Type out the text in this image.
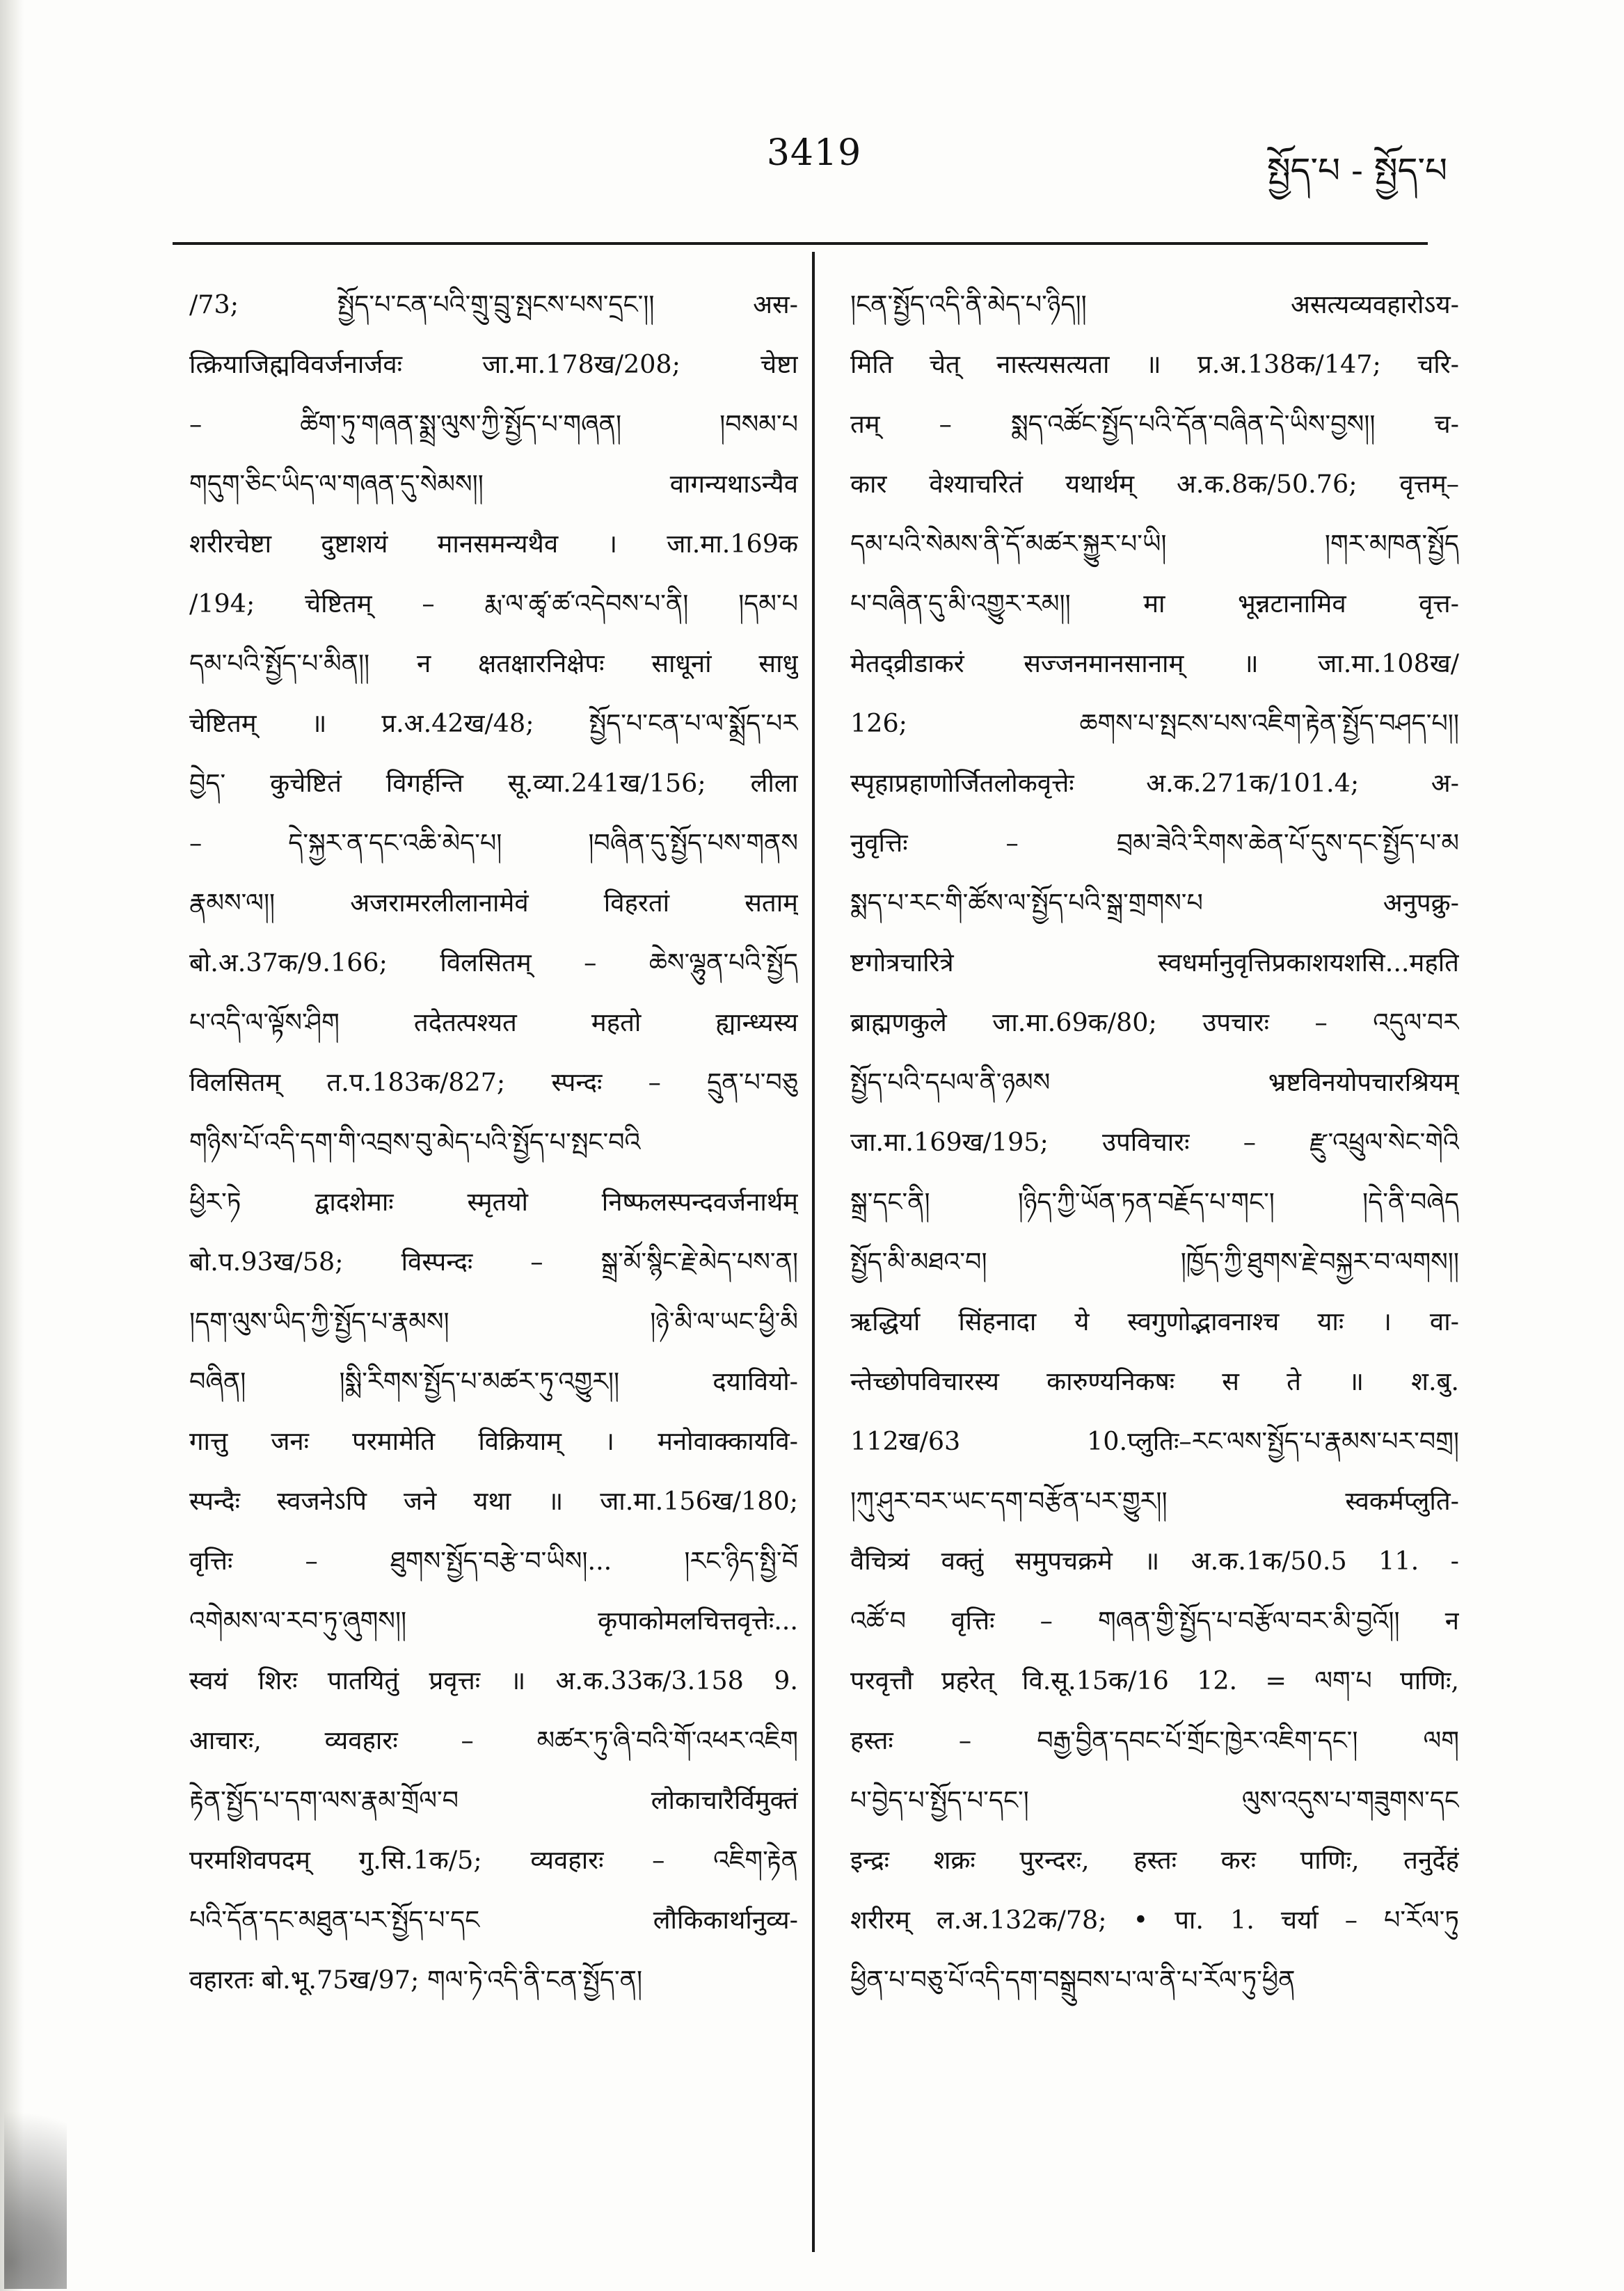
3419	སྤྱོད་པ - སྤྱོད་པ
/73; སྤྱོད་པ་ངན་པའི་གྲུ་བྲུ་སྤངས་པས་དྲང་།། अस-
त्क्रियाजिह्मविवर्जनार्जवः जा.मा.178ख/208; चेष्टा
– ཚིག་ཏུ་གཞན་སྨྲ་ལུས་ཀྱི་སྤྱོད་པ་གཞན། །བསམ་པ
གདུག་ཅིང་ཡིད་ལ་གཞན་དུ་སེམས།། वागन्यथाऽन्यैव
शरीरचेष्टा दुष्टाशयं मानसमन्यथैव । जा.मा.169क
/194; चेष्टितम् – རྨ་ལ་ཚྭ་ཚ་འདེབས་པ་ནི། །དམ་པ
དམ་པའི་སྤྱོད་པ་མིན།། न क्षतक्षारनिक्षेपः साधूनां साधु
चेष्टितम् ॥ प्र.अ.42ख/48; སྤྱོད་པ་ངན་པ་ལ་སྨྲོད་པར
བྱེད་ कुचेष्टितं विगर्हन्ति सू.व्या.241ख/156; लीला
– དེ་སྐྱར་ན་དང་འཆི་མེད་པ། །བཞིན་དུ་སྤྱོད་པས་གནས
རྣམས་ལ།། अजरामरलीलानामेवं विहरतां सताम्
बो.अ.37क/9.166; विलसितम् – ཆེས་ལྷུན་པའི་སྤྱོད
པ་འདི་ལ་ལྟོས་ཤིག तदेतत्पश्यत महतो ह्यान्ध्यस्य
विलसितम् त.प.183क/827; स्पन्दः – དྲུན་པ་བཅུ
གཉིས་པོ་འདི་དག་གི་འབྲས་བུ་མེད་པའི་སྤྱོད་པ་སྤང་བའི
ཕྱིར་ཏེ द्वादशेमाः स्मृतयो निष्फलस्पन्दवर्जनार्थम्
बो.प.93ख/58; विस्पन्दः – སྒྲ་མོ་སྙིང་རྗེ་མེད་པས་ན།
།དག་ལུས་ཡིད་ཀྱི་སྤྱོད་པ་རྣམས། །ཉེ་མི་ལ་ཡང་ཕྱི་མི
བཞིན། །སྨི་རིགས་སྤྱོད་པ་མཚར་ཏུ་འགྱུར།། दयावियो-
गात्तु जनः परमामेति विक्रियाम् । मनोवाक्कायवि-
स्पन्दैः स्वजनेऽपि जने यथा ॥ जा.मा.156ख/180;
वृत्तिः – ཐུགས་སྤྱོད་བརྩེ་བ་ཡིས།... །རང་ཉིད་སྤྱི་བོ
འགེམས་ལ་རབ་ཏུ་ཞུགས།། कृपाकोमलचित्तवृत्तेः...
स्वयं शिरः पातयितुं प्रवृत्तः ॥ अ.क.33क/3.158 9.
आचारः, व्यवहारः – མཚར་ཏུ་ཞི་བའི་གོ་འཕར་འཇིག
རྟེན་སྤྱོད་པ་དག་ལས་རྣམ་གྲོལ་བ लोकाचारैर्विमुक्तं
परमशिवपदम् गु.सि.1क/5; व्यवहारः – འཇིག་རྟེན
པའི་དོན་དང་མཐུན་པར་སྤྱོད་པ་དང लौकिकार्थानुव्य-
वहारतः बो.भू.75ख/97; གལ་ཏེ་འདི་ནི་ངན་སྤྱོད་ན།
།ངན་སྤྱོད་འདི་ནི་མེད་པ་ཉིད།། असत्यव्यवहारोऽय-
मिति चेत् नास्त्यसत्यता ॥ प्र.अ.138क/147; चरि-
तम् – སྨད་འཚོང་སྤྱོད་པའི་དོན་བཞིན་དེ་ཡིས་བྱས།། च-
कार वेश्याचरितं यथार्थम् अ.क.8क/50.76; वृत्तम्–
དམ་པའི་སེམས་ནི་དོ་མཚར་སྐྱུར་པ་ཡི། །གར་མཁན་སྤྱོད
པ་བཞིན་དུ་མི་འགྱུར་རམ།། मा भून्नटानामिव वृत्त-
मेतद्व्रीडाकरं सज्जनमानसानाम् ॥ जा.मा.108ख/
126; ཆགས་པ་སྤངས་པས་འཇིག་རྟེན་སྤྱོད་བཤད་པ།།
स्पृहाप्रहाणोर्जितलोकवृत्तेः अ.क.271क/101.4; अ-
नुवृत्तिः – བྲམ་ཟེའི་རིགས་ཆེན་པོ་དུས་དང་སྤྱོད་པ་མ
སྨད་པ་རང་གི་ཚོས་ལ་སྤྱོད་པའི་སྒྲ་གྲགས་པ अनुपक्रु-
ष्टगोत्रचारित्रे स्वधर्मानुवृत्तिप्रकाशयशसि...महति
ब्राह्मणकुले जा.मा.69क/80; उपचारः – འདུལ་བར
སྤྱོད་པའི་དཔལ་ནི་ཉམས भ्रष्टविनयोपचारश्रियम्
जा.मा.169ख/195; उपविचारः – རྫུ་འཕྲུལ་སེང་གེའི
སྒྲ་དང་ནི། །ཉིད་ཀྱི་ཡོན་ཏན་བརྗོད་པ་གང་། །དེ་ནི་བཞེད
སྤྱོད་མི་མཐའ་བ། །ཁྱོད་ཀྱི་ཐུགས་རྗེ་བསྐྱར་བ་ལགས།།
ऋद्धिर्या सिंहनादा ये स्वगुणोद्भावनाश्च याः । वा-
न्तेच्छोपविचारस्य कारुण्यनिकषः स ते ॥ श.बु.
112ख/63 10.प्लुतिः–རང་ལས་སྤྱོད་པ་རྣམས་པར་བགྲ།
།ཀུ་ཤུར་བར་ཡང་དག་བརྩོན་པར་གྱུར།། स्वकर्मप्लुति-
वैचित्र्यं वक्तुं समुपचक्रमे ॥ अ.क.1क/50.5 11. -
འཚོ་བ वृत्तिः – གཞན་གྱི་སྤྱོད་པ་བརྩོལ་བར་མི་བྱའོ།། न
परवृत्तौ प्रहरेत् वि.सू.15क/16 12. = ལག་པ पाणिः,
हस्तः – བརྒྱ་བྱིན་དབང་པོ་གྲོང་ཁྱེར་འཇིག་དང་། ལག
པ་བྱེད་པ་སྤྱོད་པ་དང་། ལུས་འདུས་པ་གཟུགས་དང
इन्द्रः शक्रः पुरन्दरः, हस्तः करः पाणिः, तनुर्देहं
शरीरम् ल.अ.132क/78; • पा. 1. चर्या – པ་རོལ་ཏུ
ཕྱིན་པ་བཅུ་པོ་འདི་དག་བསྒྲུབས་པ་ལ་ནི་པ་རོལ་ཏུ་ཕྱིན
